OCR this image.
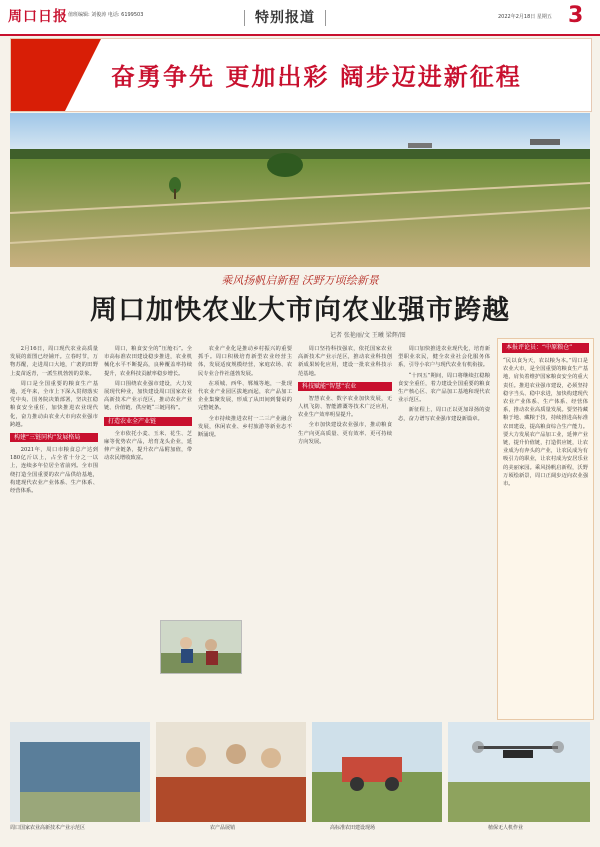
周口日报 值班编辑: 刘俊涛 电话: 6199503	特别报道	2022年2月18日 星期五 3
奋勇争先 更加出彩 阔步迈进新征程
乘风扬帆启新程 沃野万顷绘新景
周口加快农业大市向农业强市跨越
记者 张艳丽/文 王曦 梁辉/图

2月16日，周口现代农业高质量发展的蓝图已经铺开。立春时节，万物苏醒，走进周口大地，广袤的田野上麦苗返青，一派生机勃勃的景象。

周口是全国重要的粮食生产基地，近年来，全市上下深入贯彻落实党中央、国务院决策部署，坚决扛稳粮食安全重任，加快推进农业现代化，奋力推动由农业大市向农业强市跨越。

构建“三链同构”发展格局

2021年，周口市粮食总产达到180亿斤以上，占全省十分之一以上，连续多年位居全省前列。全市围绕打造全国重要的农产品供给基地，构建现代农业产业体系、生产体系、经营体系。

周口，粮食安全的“压舱石”。全市高标准农田建设稳步推进，农业机械化水平不断提高，良种覆盖率持续提升，农业科技贡献率稳步增长。

周口围绕农业强市建设，大力发展现代种业，加快建设周口国家农业高新技术产业示范区，推动农业产业链、价值链、供应链“三链同构”。

打造农业全产业链

全市依托小麦、玉米、花生、芝麻等优势农产品，培育龙头企业，延伸产业链条，提升农产品附加值，带动农民增收致富。

农业产业化是推动乡村振兴的重要抓手。周口积极培育新型农业经营主体，发展适度规模经营，家庭农场、农民专业合作社蓬勃发展。

在项城、西华、郸城等地，一批现代农业产业园区拔地而起，农产品加工企业集聚发展，形成了从田间到餐桌的完整链条。

全市持续推进农村一二三产业融合发展，休闲农业、乡村旅游等新业态不断涌现。

周口坚持科技强农，依托国家农业高新技术产业示范区，推动农业科技创新成果转化应用，建设一批农业科技示范基地。

科技赋能“智慧”农业

智慧农业、数字农业加快发展，无人机飞防、智能灌溉等技术广泛应用，农业生产效率明显提升。

全市加快建设农业强市，推动粮食生产向更高质量、更有效率、更可持续方向发展。

周口加快推进农业现代化，培育新型职业农民，健全农业社会化服务体系，引导小农户与现代农业有机衔接。

“十四五”期间，周口将继续扛稳粮食安全重任，着力建设全国重要的粮食生产核心区、农产品加工基地和现代农业示范区。

新征程上，周口正以更加昂扬的姿态，奋力谱写农业强市建设新篇章。

本报评论员：“中原粮仓”
“民以食为天，农以粮为本。”周口是农业大市，是全国重要的粮食生产基地，肩负着维护国家粮食安全的重大责任。推进农业强市建设，必须坚持稳字当头、稳中求进，加快构建现代农业产业体系、生产体系、经营体系，推动农业高质量发展。要坚持藏粮于地、藏粮于技，持续推进高标准农田建设，提高粮食综合生产能力。要大力发展农产品加工业，延伸产业链，提升价值链，打造供应链，让农业成为有奔头的产业，让农民成为有吸引力的职业，让农村成为安居乐业的美丽家园。乘风扬帆启新程，沃野万顷绘新景，周口正阔步迈向农业强市。
周口国家农业高新技术产业示范区	农产品展销	高标准农田建设现场	植保无人机作业
